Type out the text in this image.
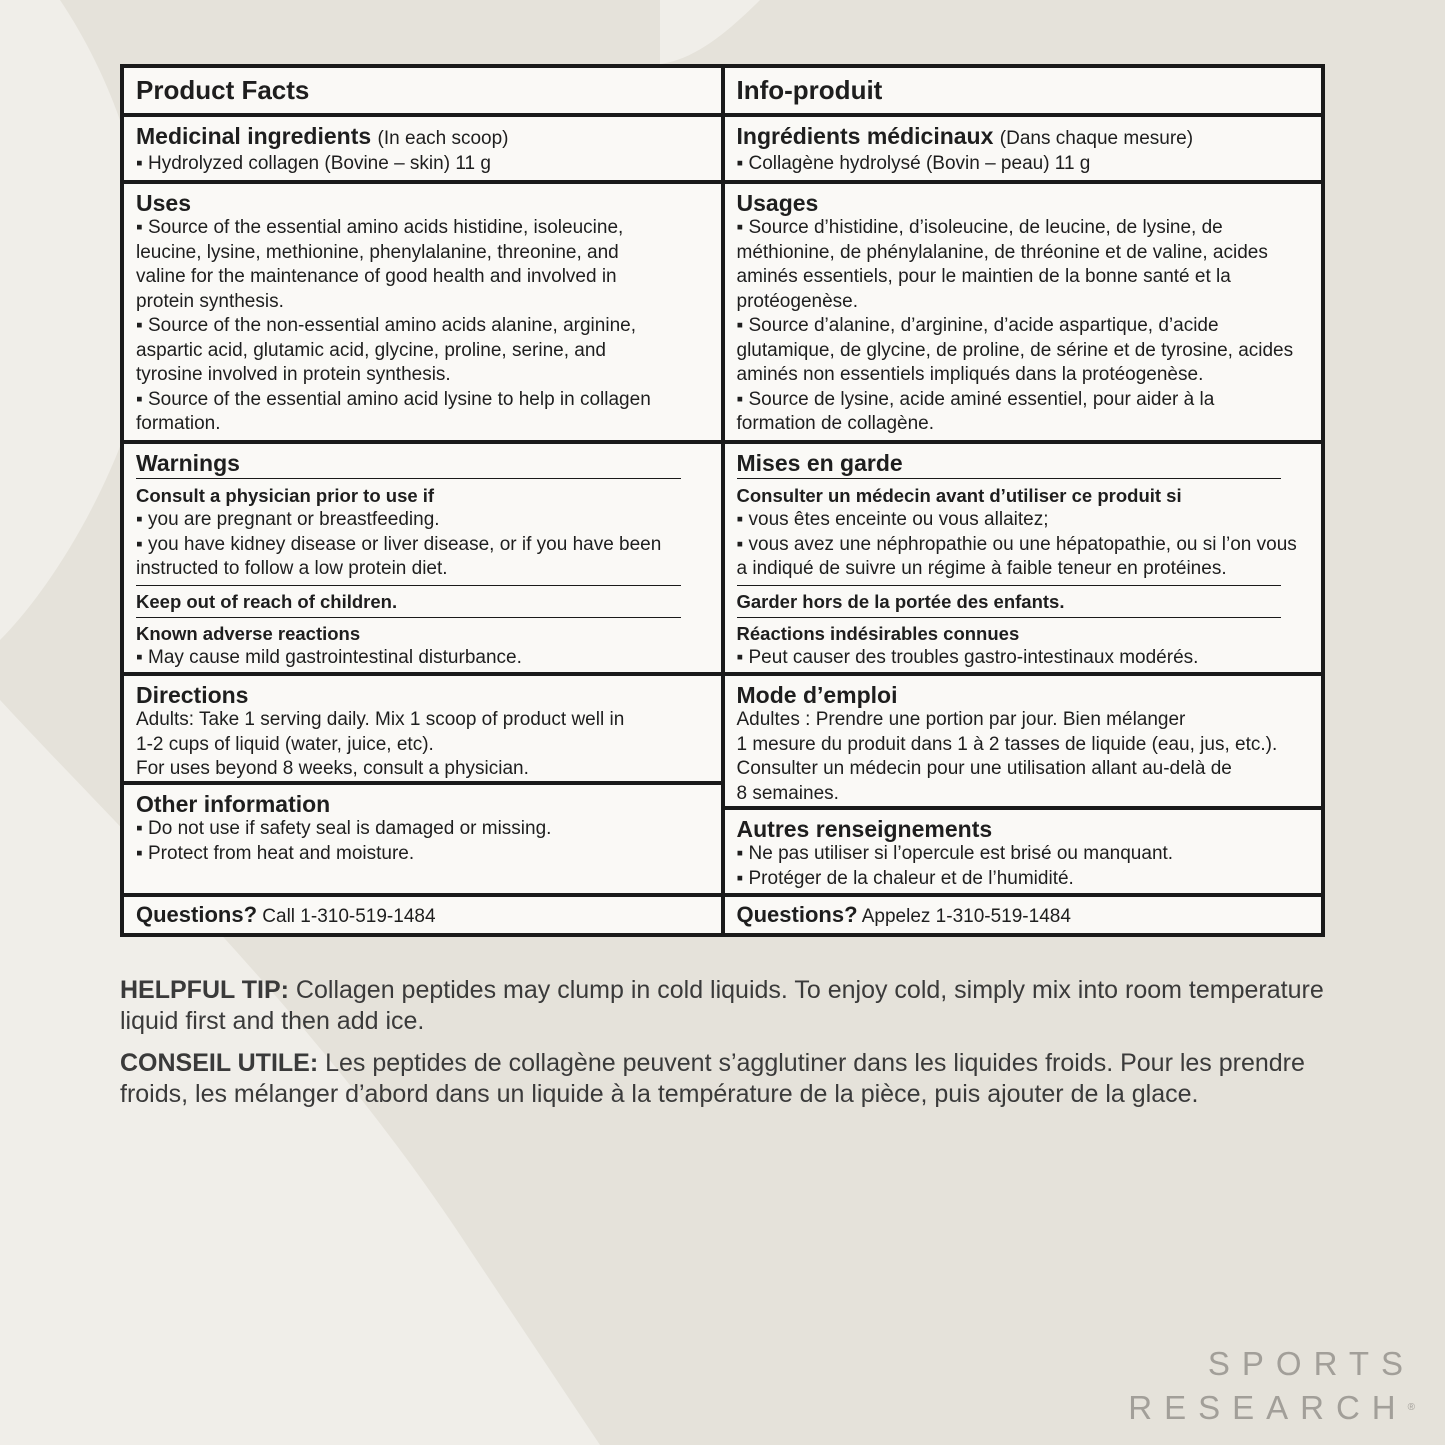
Product Facts
Medicinal ingredients (In each scoop)

▪ Hydrolyzed collagen (Bovine – skin) 11 g

Uses

▪ Source of the essential amino acids histidine, isoleucine,

leucine, lysine, methionine, phenylalanine, threonine, and

valine for the maintenance of good health and involved in

protein synthesis.

▪ Source of the non-essential amino acids alanine, arginine,

aspartic acid, glutamic acid, glycine, proline, serine, and

tyrosine involved in protein synthesis.

▪ Source of the essential amino acid lysine to help in collagen

formation.

Warnings
Consult a physician prior to use if

▪ you are pregnant or breastfeeding.

▪ you have kidney disease or liver disease, or if you have been

instructed to follow a low protein diet.

Keep out of reach of children.
Known adverse reactions

▪ May cause mild gastrointestinal disturbance.

Directions

Adults: Take 1 serving daily. Mix 1 scoop of product well in

1-2 cups of liquid (water, juice, etc).

For uses beyond 8 weeks, consult a physician.

Other information

▪ Do not use if safety seal is damaged or missing.

▪ Protect from heat and moisture.

Questions? Call 1-310-519-1484
Info-produit
Ingrédients médicinaux (Dans chaque mesure)

▪ Collagène hydrolysé (Bovin – peau) 11 g

Usages

▪ Source d’histidine, d’isoleucine, de leucine, de lysine, de

méthionine, de phénylalanine, de thréonine et de valine, acides

aminés essentiels, pour le maintien de la bonne santé et la

protéogenèse.

▪ Source d’alanine, d’arginine, d’acide aspartique, d’acide

glutamique, de glycine, de proline, de sérine et de tyrosine, acides

aminés non essentiels impliqués dans la protéogenèse.

▪ Source de lysine, acide aminé essentiel, pour aider à la

formation de collagène.

Mises en garde
Consulter un médecin avant d’utiliser ce produit si

▪ vous êtes enceinte ou vous allaitez;

▪ vous avez une néphropathie ou une hépatopathie, ou si l’on vous

a indiqué de suivre un régime à faible teneur en protéines.

Garder hors de la portée des enfants.
Réactions indésirables connues

▪ Peut causer des troubles gastro-intestinaux modérés.

Mode d’emploi

Adultes : Prendre une portion par jour. Bien mélanger

1 mesure du produit dans 1 à 2 tasses de liquide (eau, jus, etc.).

Consulter un médecin pour une utilisation allant au-delà de

8 semaines.

Autres renseignements

▪ Ne pas utiliser si l’opercule est brisé ou manquant.

▪ Protéger de la chaleur et de l’humidité.

Questions? Appelez 1-310-519-1484

HELPFUL TIP: Collagen peptides may clump in cold liquids. To enjoy cold, simply mix into room temperature liquid first and then add ice.

CONSEIL UTILE: Les peptides de collagène peuvent s’agglutiner dans les liquides froids. Pour les prendre froids, les mélanger d’abord dans un liquide à la température de la pièce, puis ajouter de la glace.

SPORTS
RESEARCH®
